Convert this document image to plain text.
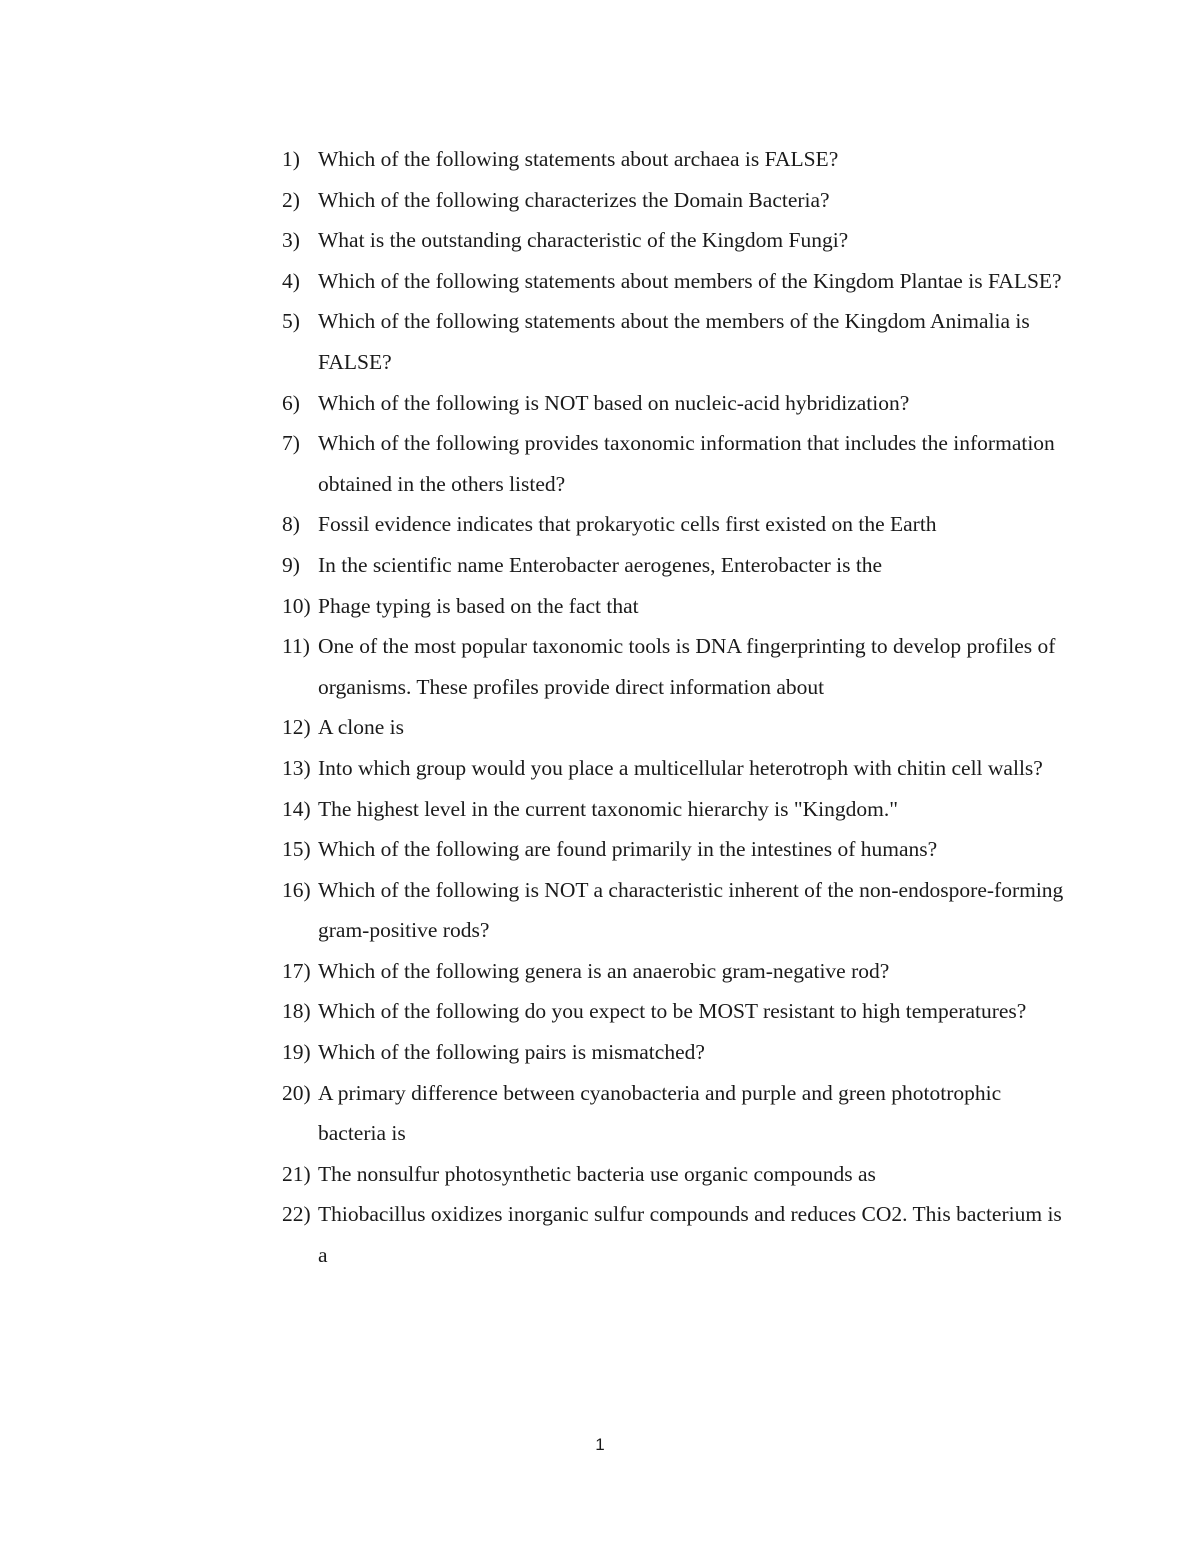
1) Which of the following statements about archaea is FALSE?
2) Which of the following characterizes the Domain Bacteria?
3) What is the outstanding characteristic of the Kingdom Fungi?
4) Which of the following statements about members of the Kingdom Plantae is FALSE?
5) Which of the following statements about the members of the Kingdom Animalia is FALSE?
6) Which of the following is NOT based on nucleic-acid hybridization?
7) Which of the following provides taxonomic information that includes the information obtained in the others listed?
8) Fossil evidence indicates that prokaryotic cells first existed on the Earth
9) In the scientific name Enterobacter aerogenes, Enterobacter is the
10) Phage typing is based on the fact that
11) One of the most popular taxonomic tools is DNA fingerprinting to develop profiles of organisms. These profiles provide direct information about
12) A clone is
13) Into which group would you place a multicellular heterotroph with chitin cell walls?
14) The highest level in the current taxonomic hierarchy is "Kingdom."
15) Which of the following are found primarily in the intestines of humans?
16) Which of the following is NOT a characteristic inherent of the non-endospore-forming gram-positive rods?
17) Which of the following genera is an anaerobic gram-negative rod?
18) Which of the following do you expect to be MOST resistant to high temperatures?
19) Which of the following pairs is mismatched?
20) A primary difference between cyanobacteria and purple and green phototrophic bacteria is
21) The nonsulfur photosynthetic bacteria use organic compounds as
22) Thiobacillus oxidizes inorganic sulfur compounds and reduces CO2. This bacterium is a
1
